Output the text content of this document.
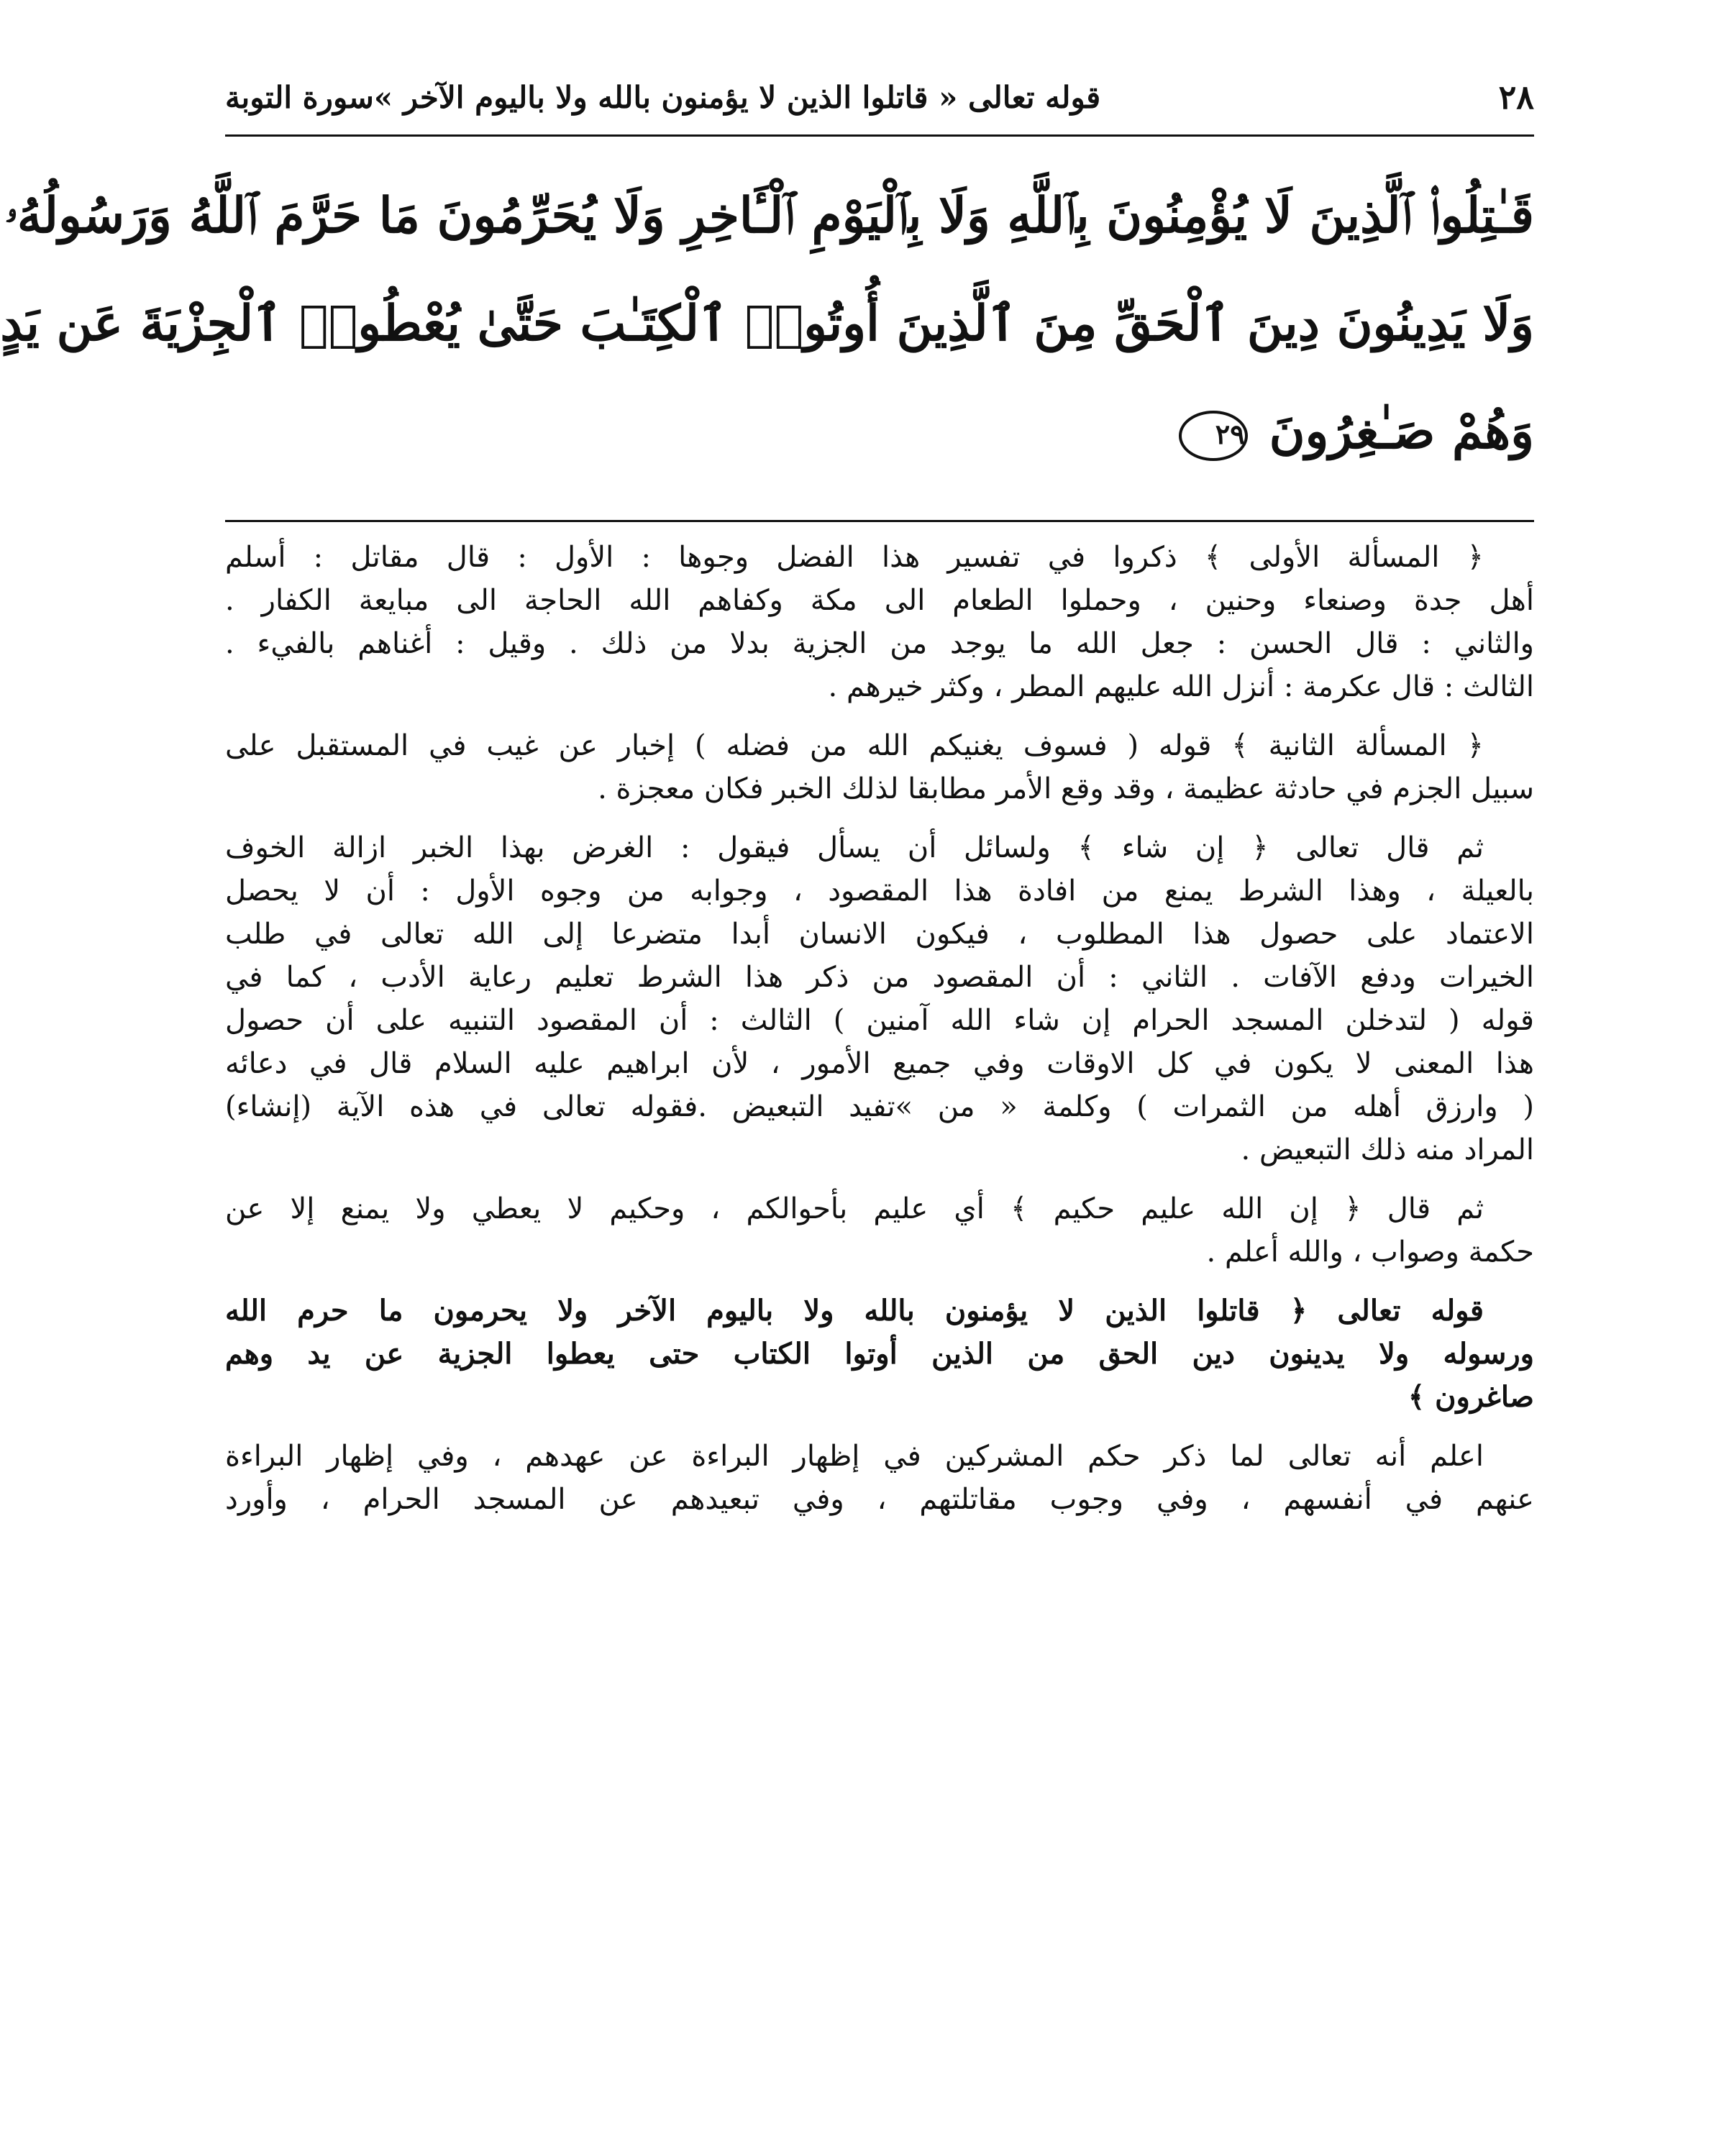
٢٨
قوله تعالى « قاتلوا الذين لا يؤمنون بالله ولا باليوم الآخر »سورة التوبة
قَـٰتِلُوا۟ ٱلَّذِينَ لَا يُؤْمِنُونَ بِٱللَّهِ وَلَا بِٱلْيَوْمِ ٱلْـَٔاخِرِ وَلَا يُحَرِّمُونَ مَا حَرَّمَ ٱللَّهُ وَرَسُولُهُۥ
وَلَا يَدِينُونَ دِينَ ٱلْحَقِّ مِنَ ٱلَّذِينَ أُوتُوا۟ ٱلْكِتَـٰبَ حَتَّىٰ يُعْطُوا۟ ٱلْجِزْيَةَ عَن يَدٍ
وَهُمْ صَـٰغِرُونَ٢٩
﴿ المسألة الأولى ﴾ ذكروا في تفسير هذا الفضل وجوها : الأول : قال مقاتل : أسلم
أهل جدة وصنعاء وحنين ، وحملوا الطعام الى مكة وكفاهم الله الحاجة الى مبايعة الكفار .
والثاني : قال الحسن : جعل الله ما يوجد من الجزية بدلا من ذلك . وقيل : أغناهم بالفيء .
الثالث : قال عكرمة : أنزل الله عليهم المطر ، وكثر خيرهم .
﴿ المسألة الثانية ﴾ قوله ( فسوف يغنيكم الله من فضله ) إخبار عن غيب في المستقبل على
سبيل الجزم في حادثة عظيمة ، وقد وقع الأمر مطابقا لذلك الخبر فكان معجزة .
ثم قال تعالى ﴿ إن شاء ﴾ ولسائل أن يسأل فيقول : الغرض بهذا الخبر ازالة الخوف
بالعيلة ، وهذا الشرط يمنع من افادة هذا المقصود ، وجوابه من وجوه الأول : أن لا يحصل
الاعتماد على حصول هذا المطلوب ، فيكون الانسان أبدا متضرعا إلى الله تعالى في طلب
الخيرات ودفع الآفات . الثاني : أن المقصود من ذكر هذا الشرط تعليم رعاية الأدب ، كما في
قوله ( لتدخلن المسجد الحرام إن شاء الله آمنين ) الثالث : أن المقصود التنبيه على أن حصول
هذا المعنى لا يكون في كل الاوقات وفي جميع الأمور ، لأن ابراهيم عليه السلام قال في دعائه
( وارزق أهله من الثمرات ) وكلمة « من »تفيد التبعيض .فقوله تعالى في هذه الآية (إنشاء)
المراد منه ذلك التبعيض .
ثم قال ﴿ إن الله عليم حكيم ﴾ أي عليم بأحوالكم ، وحكيم لا يعطي ولا يمنع إلا عن
حكمة وصواب ، والله أعلم .
قوله تعالى ﴿ قاتلوا الذين لا يؤمنون بالله ولا باليوم الآخر ولا يحرمون ما حرم الله
ورسوله ولا يدينون دين الحق من الذين أوتوا الكتاب حتى يعطوا الجزية عن يد وهم
صاغرون ﴾
اعلم أنه تعالى لما ذكر حكم المشركين في إظهار البراءة عن عهدهم ، وفي إظهار البراءة
عنهم في أنفسهم ، وفي وجوب مقاتلتهم ، وفي تبعيدهم عن المسجد الحرام ، وأورد
